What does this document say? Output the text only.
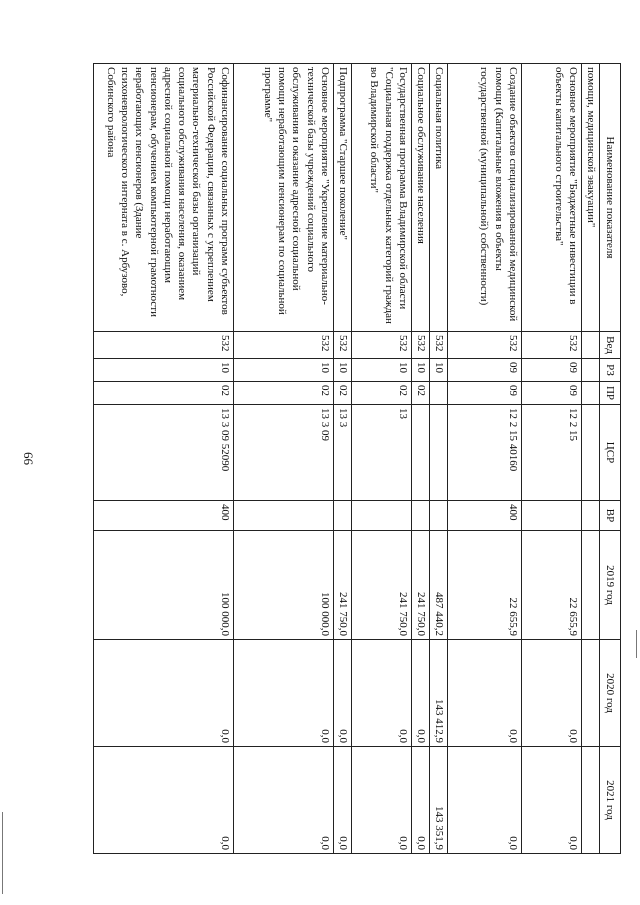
66
Наименование показателя	Вед	РЗ	ПР	ЦСР	ВР	2019 год	2020 год	2021 год
помощи, медицинской эвакуации"								
Основное мероприятие "Бюджетные инвестиции в объекты капитального строительства"	532	09	09	12 2 15		22 655,9	0,0	0,0
Создание объектов специализированной медицинской помощи (Капитальные вложения в объекты государственной (муниципальной) собственности)	532	09	09	12 2 15 40160	400	22 655,9	0,0	0,0
Социальная политика	532	10				487 440,2	143 412,9	143 351,9
Социальное обслуживание населения	532	10	02			241 750,0	0,0	0,0
Государственная программа Владимирской области "Социальная поддержка отдельных категорий граждан во Владимирской области"	532	10	02	13		241 750,0	0,0	0,0
Подпрограмма "Старшее поколение"	532	10	02	13 3		241 750,0	0,0	0,0
Основное мероприятие "Укрепление материально-технической базы учреждений социального обслуживания и оказание адресной социальной помощи неработающим пенсионерам по социальной программе"	532	10	02	13 3 09		100 000,0	0,0	0,0
Софинансирование социальных программ субъектов Российской Федерации, связанных с укреплением материально-технической базы организаций социального обслуживания населения, оказанием адресной социальной помощи неработающим пенсионерам, обучением компьютерной грамотности неработающих пенсионеров (Здание психоневрологического интерната в с. Арбузово, Собинского района	532	10	02	13 3 09 52090	400	100 000,0	0,0	0,0
